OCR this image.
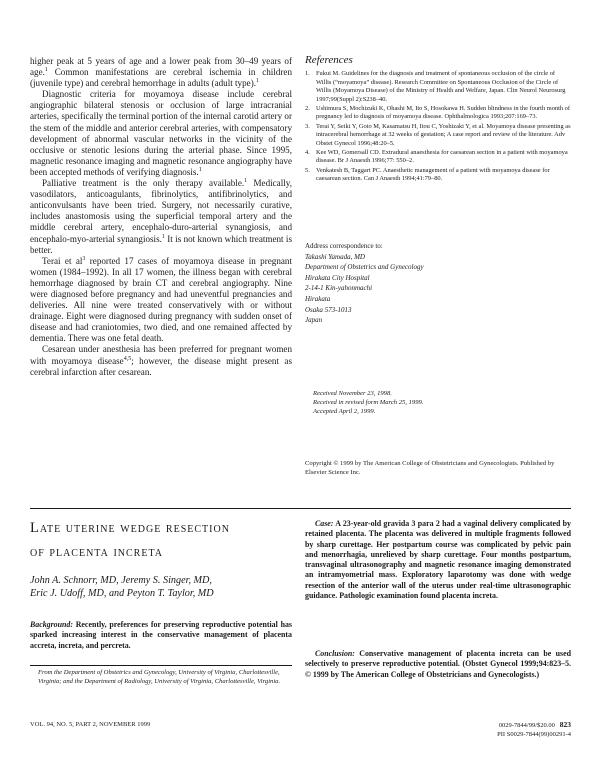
higher peak at 5 years of age and a lower peak from 30–49 years of age.$^1$ Common manifestations are cerebral ischemia in children (juvenile type) and cerebral hemorrhage in adults (adult type).$^1$

Diagnostic criteria for moyamoya disease include cerebral angiographic bilateral stenosis or occlusion of large intracranial arteries, specifically the terminal portion of the internal carotid artery or the stem of the middle and anterior cerebral arteries, with compensatory development of abnormal vascular networks in the vicinity of the occlusive or stenotic lesions during the arterial phase. Since 1995, magnetic resonance imaging and magnetic resonance angiography have been accepted methods of verifying diagnosis.$^1$

Palliative treatment is the only therapy available.$^1$ Medically, vasodilators, anticoagulants, fibrinolytics, antifibrinolytics, and anticonvulsants have been tried. Surgery, not necessarily curative, includes anastomosis using the superficial temporal artery and the middle cerebral artery, encephalo-duro-arterial synangiosis, and encephalo-myo-arterial synangiosis.$^1$ It is not known which treatment is better.

Terai et $al^3$ reported 17 cases of moyamoya disease in pregnant women (1984–1992). In all 17 women, the illness began with cerebral hemorrhage diagnosed by brain CT and cerebral angiography. Nine were diagnosed before pregnancy and had uneventful pregnancies and deliveries. All nine were treated conservatively with or without drainage. Eight were diagnosed during pregnancy with sudden onset of disease and had craniotomies, two died, and one remained affected by dementia. There was one fetal death.

Cesarean under anesthesia has been preferred for pregnant women with moyamoya disease$^{4,5}$; however, the disease might present as cerebral infarction after cesarean.

References
1. Fukui M. Guidelines for the diagnosis and treatment of spontaneous occlusion of the circle of Willis (“moyamoya” disease). Research Committee on Spontaneous Occlusion of the Circle of Willis (Moyamoya Disease) of the Ministry of Health and Welfare, Japan. Clin Neurol Neurosurg 1997;99(Suppl 2):S238–40.
2. Ushimura S, Mochizuki K, Ohashi M, Ito S, Hosokawa H. Sudden blindness in the fourth month of pregnancy led to diagnosis of moyamoya disease. Ophthalmologica 1993;207:169–73.
3. Terai Y, Seiki Y, Goto M, Kasamatsu H, Itou C, Yoshizaki Y, et al. Moyamoya disease presenting as intracerebral hemorrhage at 32 weeks of gestation; A case report and review of the literature. Adv Obstet Gynecol 1996;48:20–5.
4. Kee WD, Gomersall CD. Extradural anaesthesia for caesarean section in a patient with moyamoya disease. Br J Anaesth 1996;77: 550–2.
5. Venkatesh B, Taggart PC. Anaesthetic management of a patient with moyamoya disease for caesarean section. Can J Anaesth 1994;41:79–80.
Address correspondence to:
Takashi Yamada, MD
Department of Obstetrics and Gynecology
Hirakata City Hospital
2-14-1 Kin-yahonmachi
Hirakata
Osaka 573-1013
Japan
Received November 23, 1998.
Received in revised form March 25, 1999.
Accepted April 2, 1999.
Copyright © 1999 by The American College of Obstetricians and Gynecologists. Published by Elsevier Science Inc.
Late uterine wedge resection
of placenta increta
John A. Schnorr, MD, Jeremy S. Singer, MD,
Eric J. Udoff, MD, and Peyton T. Taylor, MD
Background: Recently, preferences for preserving reproductive potential has sparked increasing interest in the conservative management of placenta accreta, increta, and percreta.
From the Department of Obstetrics and Gynecology, University of Virginia, Charlottesville, Virginia; and the Department of Radiology, University of Virginia, Charlottesville, Virginia.
Case: A 23-year-old gravida 3 para 2 had a vaginal delivery complicated by retained placenta. The placenta was delivered in multiple fragments followed by sharp curettage. Her postpartum course was complicated by pelvic pain and menorrhagia, unrelieved by sharp curettage. Four months postpartum, transvaginal ultrasonography and magnetic resonance imaging demonstrated an intramyometrial mass. Exploratory laparotomy was done with wedge resection of the anterior wall of the uterus under real-time ultrasonographic guidance. Pathologic examination found placenta increta.
Conclusion: Conservative management of placenta increta can be used selectively to preserve reproductive potential. (Obstet Gynecol 1999;94:823–5. © 1999 by The American College of Obstetricians and Gynecologists.)
VOL. 94, NO. 5, PART 2, NOVEMBER 1999	0029-7844/99/$20.00 823
PII S0029-7844(99)00291-4
